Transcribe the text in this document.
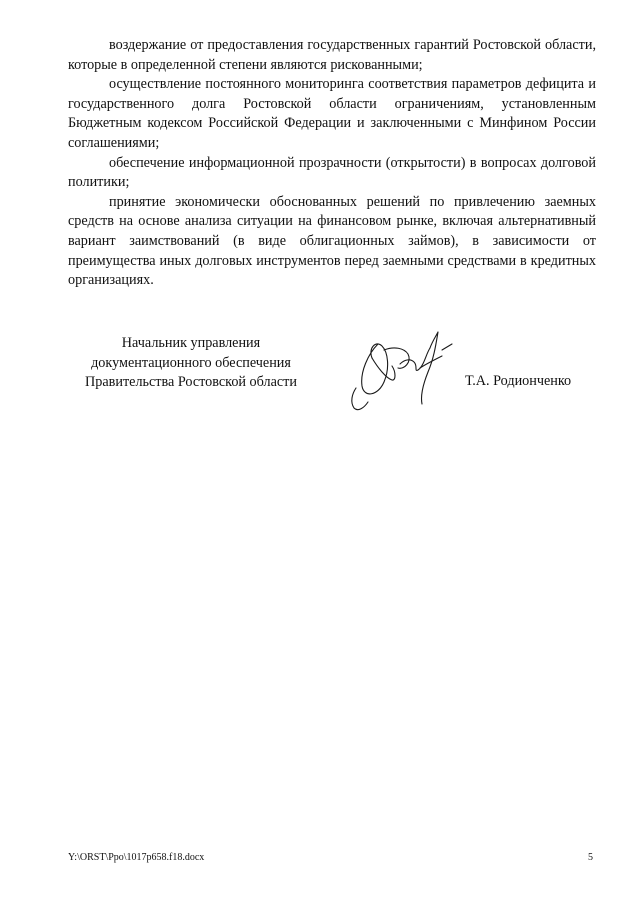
воздержание от предоставления государственных гарантий Ростовской области, которые в определенной степени являются рискованными;

осуществление постоянного мониторинга соответствия параметров дефицита и государственного долга Ростовской области ограничениям, установленным Бюджетным кодексом Российской Федерации и заключенными с Минфином России соглашениями;

обеспечение информационной прозрачности (открытости) в вопросах долговой политики;

принятие экономически обоснованных решений по привлечению заемных средств на основе анализа ситуации на финансовом рынке, включая альтернативный вариант заимствований (в виде облигационных займов), в зависимости от преимущества иных долговых инструментов перед заемными средствами в кредитных организациях.

Начальник управления
документационного обеспечения
Правительства Ростовской области	Т.А. Родионченко
Y:\ORST\Ppo\1017p658.f18.docx	5
